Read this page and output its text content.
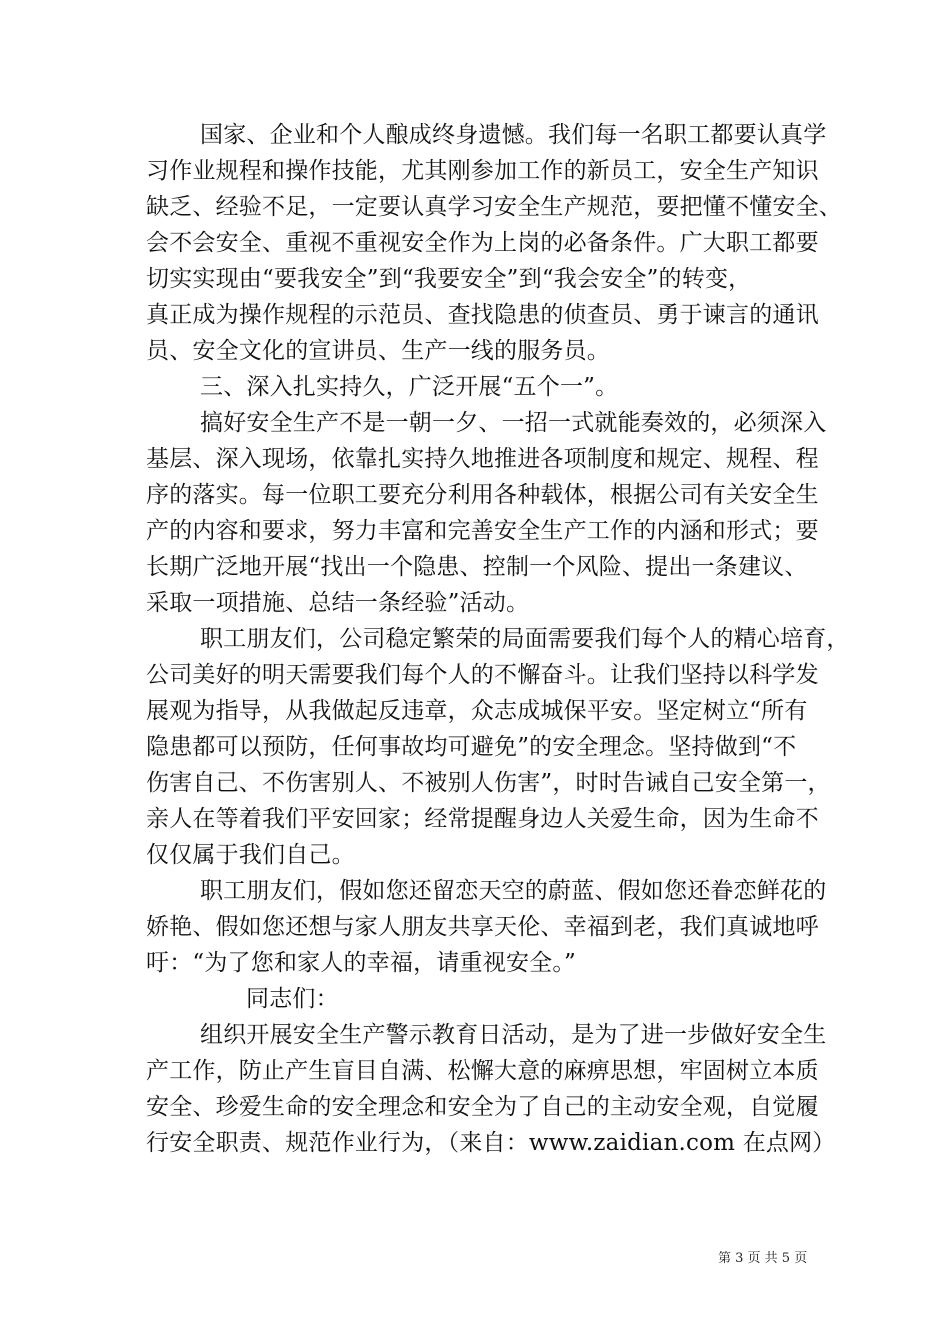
国家、企业和个人酿成终身遗憾。我们每一名职工都要认真学
习作业规程和操作技能，尤其刚参加工作的新员工，安全生产知识
缺乏、经验不足，一定要认真学习安全生产规范，要把懂不懂安全、
会不会安全、重视不重视安全作为上岗的必备条件。广大职工都要
切实实现由“要我安全”到“我要安全”到“我会安全”的转变，
真正成为操作规程的示范员、查找隐患的侦查员、勇于谏言的通讯
员、安全文化的宣讲员、生产一线的服务员。
三、深入扎实持久，广泛开展“五个一”。
搞好安全生产不是一朝一夕、一招一式就能奏效的，必须深入
基层、深入现场，依靠扎实持久地推进各项制度和规定、规程、程
序的落实。每一位职工要充分利用各种载体，根据公司有关安全生
产的内容和要求，努力丰富和完善安全生产工作的内涵和形式；要
长期广泛地开展“找出一个隐患、控制一个风险、提出一条建议、
采取一项措施、总结一条经验”活动。
职工朋友们，公司稳定繁荣的局面需要我们每个人的精心培育，
公司美好的明天需要我们每个人的不懈奋斗。让我们坚持以科学发
展观为指导，从我做起反违章，众志成城保平安。坚定树立“所有
隐患都可以预防，任何事故均可避免”的安全理念。坚持做到“不
伤害自己、不伤害别人、不被别人伤害”，时时告诫自己安全第一，
亲人在等着我们平安回家；经常提醒身边人关爱生命，因为生命不
仅仅属于我们自己。
职工朋友们，假如您还留恋天空的蔚蓝、假如您还眷恋鲜花的
娇艳、假如您还想与家人朋友共享天伦、幸福到老，我们真诚地呼
吁：“为了您和家人的幸福，请重视安全。”
同志们：
组织开展安全生产警示教育日活动，是为了进一步做好安全生
产工作，防止产生盲目自满、松懈大意的麻痹思想，牢固树立本质
安全、珍爱生命的安全理念和安全为了自己的主动安全观，自觉履
行安全职责、规范作业行为，（来自：www.zaidian.com 在点网）
第 3 页 共 5 页
